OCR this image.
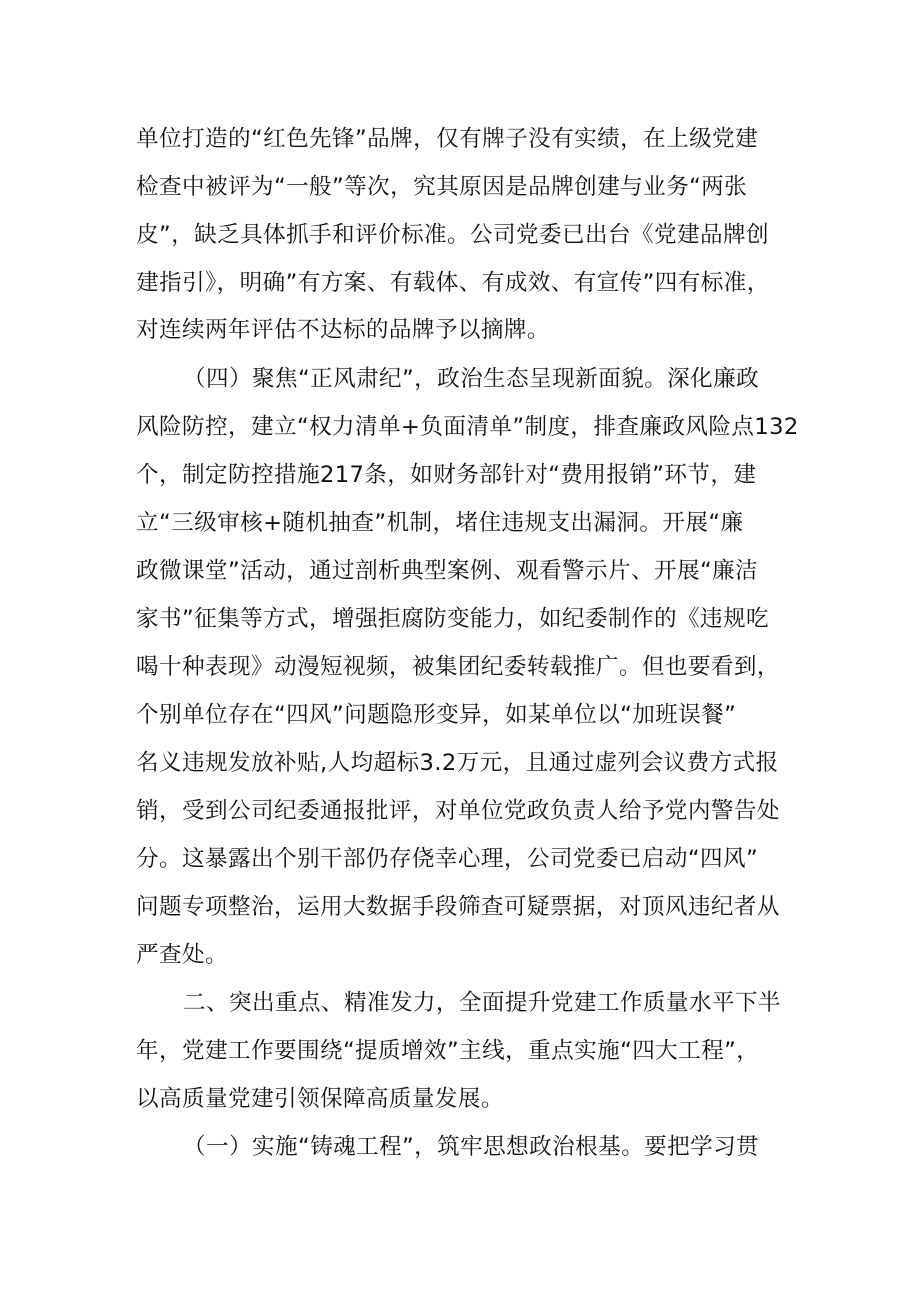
单位打造的“红色先锋”品牌，仅有牌子没有实绩，在上级党建
检查中被评为“一般”等次，究其原因是品牌创建与业务“两张
皮”，缺乏具体抓手和评价标准。公司党委已出台《党建品牌创
建指引》，明确”有方案、有载体、有成效、有宣传”四有标准，
对连续两年评估不达标的品牌予以摘牌。
（四）聚焦“正风肃纪”，政治生态呈现新面貌。深化廉政
风险防控，建立“权力清单+负面清单”制度，排查廉政风险点132
个，制定防控措施217条，如财务部针对“费用报销”环节，建
立“三级审核+随机抽查”机制，堵住违规支出漏洞。开展“廉
政微课堂”活动，通过剖析典型案例、观看警示片、开展“廉洁
家书”征集等方式，增强拒腐防变能力，如纪委制作的《违规吃
喝十种表现》动漫短视频，被集团纪委转载推广。但也要看到，
个别单位存在“四风”问题隐形变异，如某单位以“加班误餐”
名义违规发放补贴,人均超标3.2万元，且通过虚列会议费方式报
销，受到公司纪委通报批评，对单位党政负责人给予党内警告处
分。这暴露出个别干部仍存侥幸心理，公司党委已启动“四风”
问题专项整治，运用大数据手段筛查可疑票据，对顶风违纪者从
严查处。
二、突出重点、精准发力，全面提升党建工作质量水平下半
年，党建工作要围绕“提质增效”主线，重点实施“四大工程”，
以高质量党建引领保障高质量发展。
（一）实施“铸魂工程”，筑牢思想政治根基。要把学习贯
